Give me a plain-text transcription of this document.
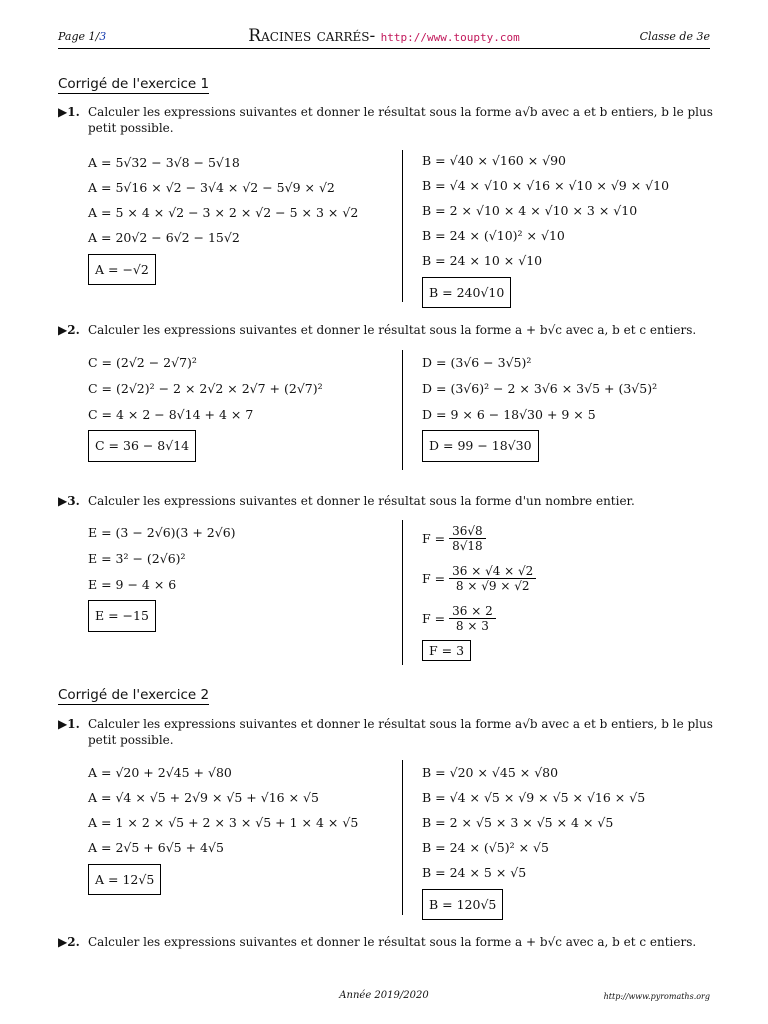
Page 1/3	Racines carrés- http://www.toupty.com	Classe de 3e
Corrigé de l'exercice 1
▶1. Calculer les expressions suivantes et donner le résultat sous la forme a√b avec a et b entiers, b le plus
petit possible.
A = 5√32 − 3√8 − 5√18
A = 5√16 × √2 − 3√4 × √2 − 5√9 × √2
A = 5 × 4 × √2 − 3 × 2 × √2 − 5 × 3 × √2
A = 20√2 − 6√2 − 15√2
A = −√2
B = √40 × √160 × √90
B = √4 × √10 × √16 × √10 × √9 × √10
B = 2 × √10 × 4 × √10 × 3 × √10
B = 24 × (√10)² × √10
B = 24 × 10 × √10
B = 240√10
▶2. Calculer les expressions suivantes et donner le résultat sous la forme a + b√c avec a, b et c entiers.
C = (2√2 − 2√7)²
C = (2√2)² − 2 × 2√2 × 2√7 + (2√7)²
C = 4 × 2 − 8√14 + 4 × 7
C = 36 − 8√14
D = (3√6 − 3√5)²
D = (3√6)² − 2 × 3√6 × 3√5 + (3√5)²
D = 9 × 6 − 18√30 + 9 × 5
D = 99 − 18√30
▶3. Calculer les expressions suivantes et donner le résultat sous la forme d'un nombre entier.
E = (3 − 2√6)(3 + 2√6)
E = 3² − (2√6)²
E = 9 − 4 × 6
E = −15
F =
$\frac{36√8}{8√18}$
F =
$\frac{36 \times √4 \times √2}{8 \times √9 \times √2}$
F =
$\frac{36 \times 2}{8 \times 3}$
F = 3
Corrigé de l'exercice 2
▶1. Calculer les expressions suivantes et donner le résultat sous la forme a√b avec a et b entiers, b le plus
petit possible.
A = √20 + 2√45 + √80
A = √4 × √5 + 2√9 × √5 + √16 × √5
A = 1 × 2 × √5 + 2 × 3 × √5 + 1 × 4 × √5
A = 2√5 + 6√5 + 4√5
A = 12√5
B = √20 × √45 × √80
B = √4 × √5 × √9 × √5 × √16 × √5
B = 2 × √5 × 3 × √5 × 4 × √5
B = 24 × (√5)² × √5
B = 24 × 5 × √5
B = 120√5
▶2. Calculer les expressions suivantes et donner le résultat sous la forme a + b√c avec a, b et c entiers.
Année 2019/2020	http://www.pyromaths.org
